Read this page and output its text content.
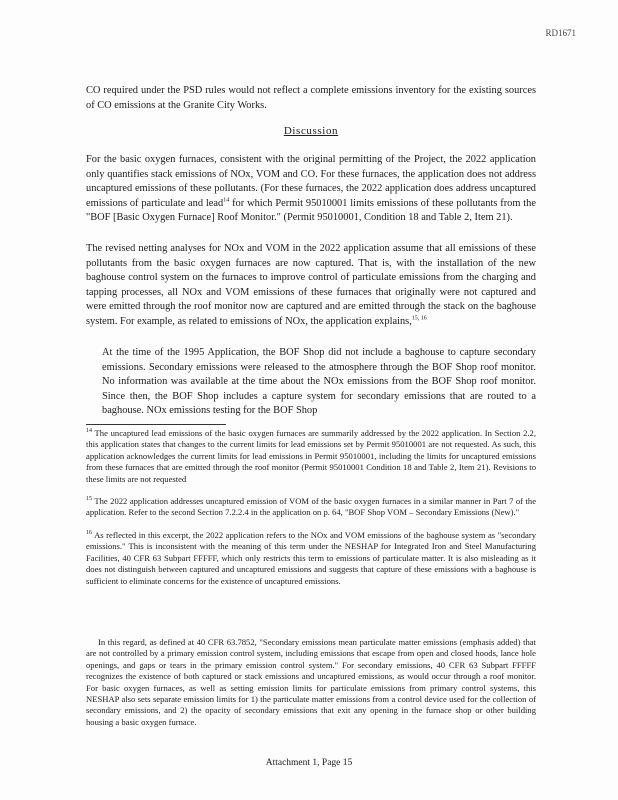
RD1671

CO required under the PSD rules would not reflect a complete emissions inventory for the existing sources of CO emissions at the Granite City Works.

Discussion

For the basic oxygen furnaces, consistent with the original permitting of the Project, the 2022 application only quantifies stack emissions of NOx, VOM and CO. For these furnaces, the application does not address uncaptured emissions of these pollutants. (For these furnaces, the 2022 application does address uncaptured emissions of particulate and lead$^{14}$ for which Permit 95010001 limits emissions of these pollutants from the "BOF [Basic Oxygen Furnace] Roof Monitor." (Permit 95010001, Condition 18 and Table 2, Item 21).

The revised netting analyses for NOx and VOM in the 2022 application assume that all emissions of these pollutants from the basic oxygen furnaces are now captured. That is, with the installation of the new baghouse control system on the furnaces to improve control of particulate emissions from the charging and tapping processes, all NOx and VOM emissions of these furnaces that originally were not captured and were emitted through the roof monitor now are captured and are emitted through the stack on the baghouse system. For example, as related to emissions of NOx, the application explains,$^{15, 16}$

At the time of the 1995 Application, the BOF Shop did not include a baghouse to capture secondary emissions. Secondary emissions were released to the atmosphere through the BOF Shop roof monitor. No information was available at the time about the NOx emissions from the BOF Shop roof monitor. Since then, the BOF Shop includes a capture system for secondary emissions that are routed to a baghouse. NOx emissions testing for the BOF Shop
$^{14}$ The uncaptured lead emissions of the basic oxygen furnaces are summarily addressed by the 2022 application. In Section 2.2, this application states that changes to the current limits for lead emissions set by Permit 95010001 are not requested. As such, this application acknowledges the current limits for lead emissions in Permit 95010001, including the limits for uncaptured emissions from these furnaces that are emitted through the roof monitor (Permit 95010001 Condition 18 and Table 2, Item 21). Revisions to these limits are not requested
$^{15}$ The 2022 application addresses uncaptured emission of VOM of the basic oxygen furnaces in a similar manner in Part 7 of the application. Refer to the second Section 7.2.2.4 in the application on p. 64, "BOF Shop VOM – Secondary Emissions (New)."
$^{16}$ As reflected in this excerpt, the 2022 application refers to the NOx and VOM emissions of the baghouse system as "secondary emissions." This is inconsistent with the meaning of this term under the NESHAP for Integrated Iron and Steel Manufacturing Facilities, 40 CFR 63 Subpart FFFFF, which only restricts this term to emissions of particulate matter. It is also misleading as it does not distinguish between captured and uncaptured emissions and suggests that capture of these emissions with a baghouse is sufficient to eliminate concerns for the existence of uncaptured emissions.
In this regard, as defined at 40 CFR 63.7852, "Secondary emissions mean particulate matter emissions (emphasis added) that are not controlled by a primary emission control system, including emissions that escape from open and closed hoods, lance hole openings, and gaps or tears in the primary emission control system." For secondary emissions, 40 CFR 63 Subpart FFFFF recognizes the existence of both captured or stack emissions and uncaptured emissions, as would occur through a roof monitor. For basic oxygen furnaces, as well as setting emission limits for particulate emissions from primary control systems, this NESHAP also sets separate emission limits for 1) the particulate matter emissions from a control device used for the collection of secondary emissions, and 2) the opacity of secondary emissions that exit any opening in the furnace shop or other building housing a basic oxygen furnace.
Attachment 1, Page 15
